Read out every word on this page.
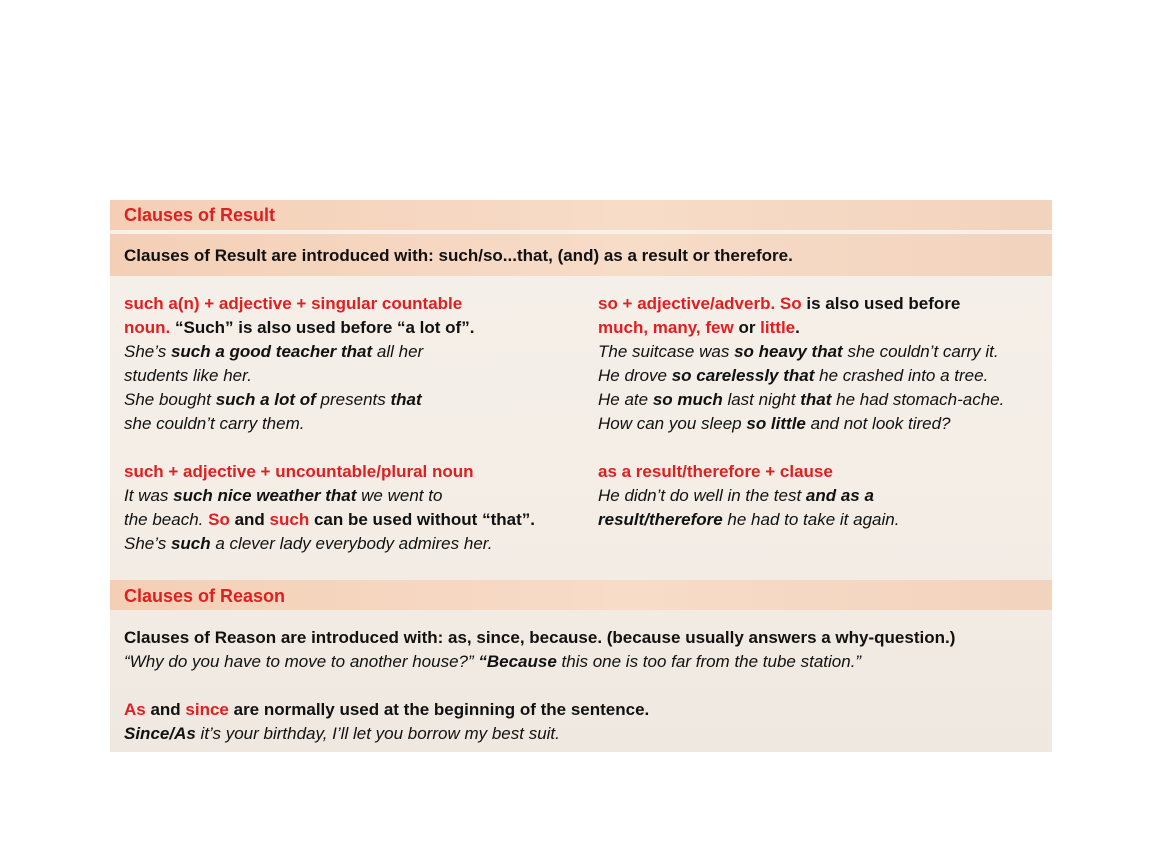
Clauses of Result
Clauses of Result are introduced with: such/so...that, (and) as a result or therefore.
such a(n) + adjective + singular countable
noun. “Such” is also used before “a lot of”.
She’s such a good teacher that all her
students like her.
She bought such a lot of presents that
she couldn’t carry them.
so + adjective/adverb. So is also used before
much, many, few or little.
The suitcase was so heavy that she couldn’t carry it.
He drove so carelessly that he crashed into a tree.
He ate so much last night that he had stomach-ache.
How can you sleep so little and not look tired?
such + adjective + uncountable/plural noun
It was such nice weather that we went to
the beach. So and such can be used without “that”.
She’s such a clever lady everybody admires her.
as a result/therefore + clause
He didn’t do well in the test and as a
result/therefore he had to take it again.
Clauses of Reason
Clauses of Reason are introduced with: as, since, because. (because usually answers a why-question.)
“Why do you have to move to another house?” “Because this one is too far from the tube station.”
As and since are normally used at the beginning of the sentence.
Since/As it’s your birthday, I’ll let you borrow my best suit.
